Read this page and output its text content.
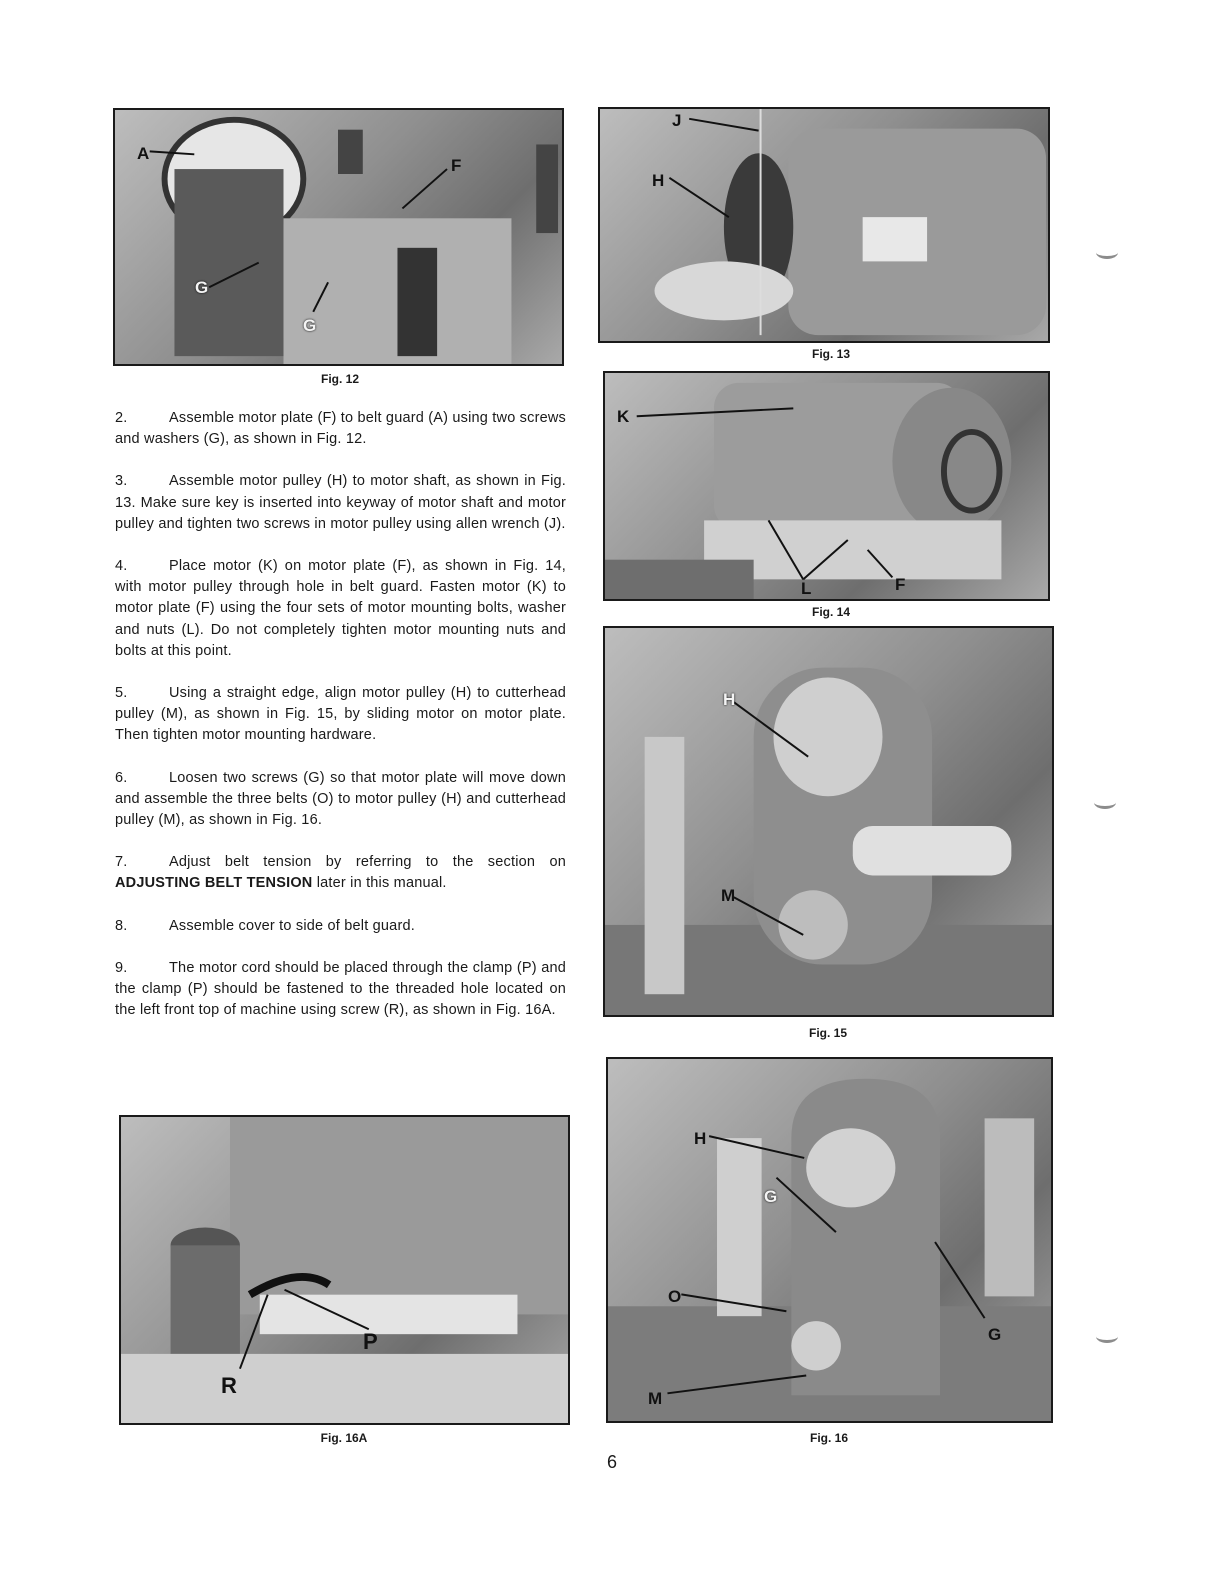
A
F
G
G
Fig. 12
J
H
Fig. 13
K
L	F
Fig. 14
H
M
Fig. 15
P
R
Fig. 16A
H
G
O
G
M
Fig. 16

2.	Assemble motor plate (F) to belt guard (A) using two screws and washers (G), as shown in Fig. 12.

3.	Assemble motor pulley (H) to motor shaft, as shown in Fig. 13. Make sure key is inserted into keyway of motor shaft and motor pulley and tighten two screws in motor pulley using allen wrench (J).

4.	Place motor (K) on motor plate (F), as shown in Fig. 14, with motor pulley through hole in belt guard. Fasten motor (K) to motor plate (F) using the four sets of motor mounting bolts, washer and nuts (L). Do not completely tighten motor mounting nuts and bolts at this point.

5.	Using a straight edge, align motor pulley (H) to cutterhead pulley (M), as shown in Fig. 15, by sliding motor on motor plate. Then tighten motor mounting hardware.

6.	Loosen two screws (G) so that motor plate will move down and assemble the three belts (O) to motor pulley (H) and cutterhead pulley (M), as shown in Fig. 16.

7.	Adjust belt tension by referring to the section on ADJUSTING BELT TENSION later in this manual.

8.	Assemble cover to side of belt guard.

9.	The motor cord should be placed through the clamp (P) and the clamp (P) should be fastened to the threaded hole located on the left front top of machine using screw (R), as shown in Fig. 16A.

6
